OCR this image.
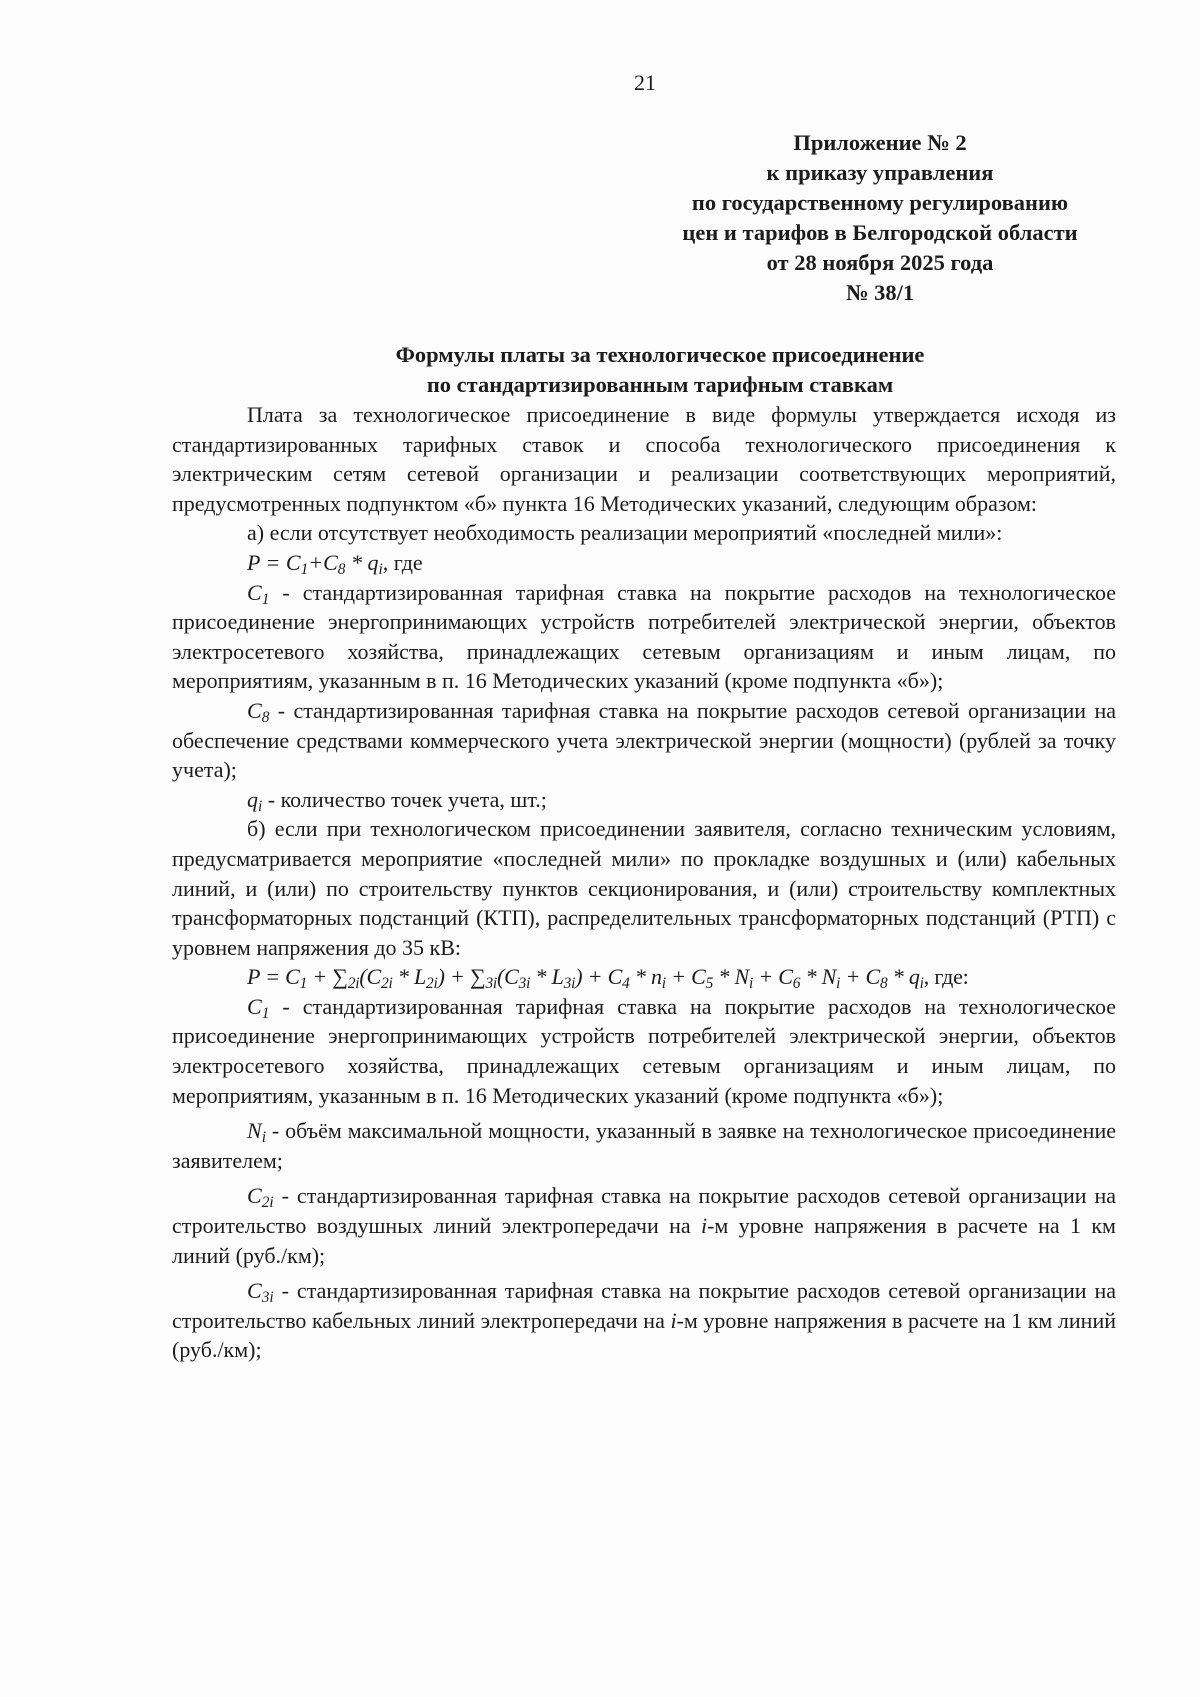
21
Приложение № 2
к приказу управления
по государственному регулированию
цен и тарифов в Белгородской области
от 28 ноября 2025 года
№ 38/1
Формулы платы за технологическое присоединение
по стандартизированным тарифным ставкам

Плата за технологическое присоединение в виде формулы утверждается исходя из стандартизированных тарифных ставок и способа технологического присоединения к электрическим сетям сетевой организации и реализации соответствующих мероприятий, предусмотренных подпунктом «б» пункта 16 Методических указаний, следующим образом:

а) если отсутствует необходимость реализации мероприятий «последней мили»:

$P = C_1+C_8 * q_i$, где

$C_1$ - стандартизированная тарифная ставка на покрытие расходов на технологическое присоединение энергопринимающих устройств потребителей электрической энергии, объектов электросетевого хозяйства, принадлежащих сетевым организациям и иным лицам, по мероприятиям, указанным в п. 16 Методических указаний (кроме подпункта «б»);

$C_8$ - стандартизированная тарифная ставка на покрытие расходов сетевой организации на обеспечение средствами коммерческого учета электрической энергии (мощности) (рублей за точку учета);

$q_i$ - количество точек учета, шт.;

б) если при технологическом присоединении заявителя, согласно техническим условиям, предусматривается мероприятие «последней мили» по прокладке воздушных и (или) кабельных линий, и (или) по строительству пунктов секционирования, и (или) строительству комплектных трансформаторных подстанций (КТП), распределительных трансформаторных подстанций (РТП) с уровнем напряжения до 35 кВ:

$P = C_1 + \sum_{2i}(C_{2i} * L_{2i}) + \sum_{3i}(C_{3i} * L_{3i}) + C_4 * n_i + C_5 * N_i + C_6 * N_i + C_8 * q_i$, где:

$C_1$ - стандартизированная тарифная ставка на покрытие расходов на технологическое присоединение энергопринимающих устройств потребителей электрической энергии, объектов электросетевого хозяйства, принадлежащих сетевым организациям и иным лицам, по мероприятиям, указанным в п. 16 Методических указаний (кроме подпункта «б»);

$N_i$ - объём максимальной мощности, указанный в заявке на технологическое присоединение заявителем;

$C_{2i}$ - стандартизированная тарифная ставка на покрытие расходов сетевой организации на строительство воздушных линий электропередачи на i-м уровне напряжения в расчете на 1 км линий (руб./км);

$C_{3i}$ - стандартизированная тарифная ставка на покрытие расходов сетевой организации на строительство кабельных линий электропередачи на i-м уровне напряжения в расчете на 1 км линий (руб./км);
